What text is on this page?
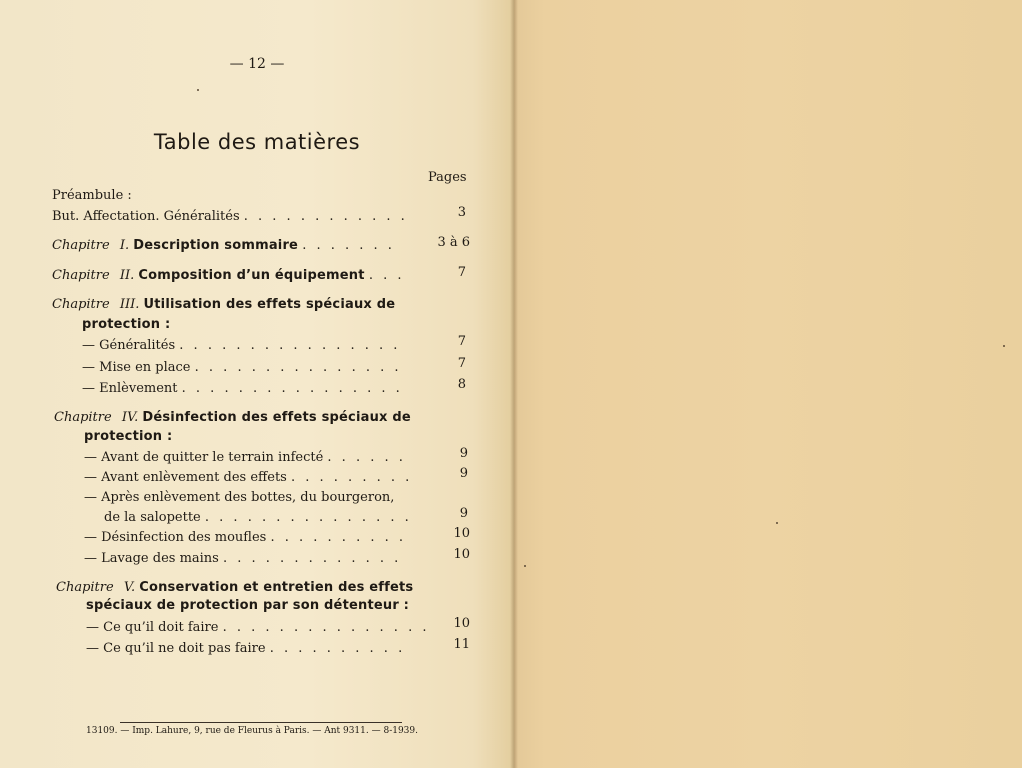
— 12 —
Table des matières
Pages
Préambule :
But. Affectation. Généralités . . . . . . . . . . . .	3
Chapitre I. Description sommaire . . . . . . .	3 à 6
Chapitre II. Composition d’un équipement . . .	7
Chapitre III. Utilisation des effets spéciaux de
protection :
— Généralités . . . . . . . . . . . . . . . .	7
— Mise en place . . . . . . . . . . . . . . .	7
— Enlèvement . . . . . . . . . . . . . . . .	8
Chapitre IV. Désinfection des effets spéciaux de
protection :
— Avant de quitter le terrain infecté . . . . . .	9
— Avant enlèvement des effets . . . . . . . . .	9
— Après enlèvement des bottes, du bourgeron,
de la salopette . . . . . . . . . . . . . . .	9
— Désinfection des moufles . . . . . . . . . .	10
— Lavage des mains . . . . . . . . . . . . .	10
Chapitre V. Conservation et entretien des effets
spéciaux de protection par son détenteur :
— Ce qu’il doit faire . . . . . . . . . . . . . . .	10
— Ce qu’il ne doit pas faire . . . . . . . . . .	11
13109. — Imp. Lahure, 9, rue de Fleurus à Paris. — Ant 9311. — 8-1939.
